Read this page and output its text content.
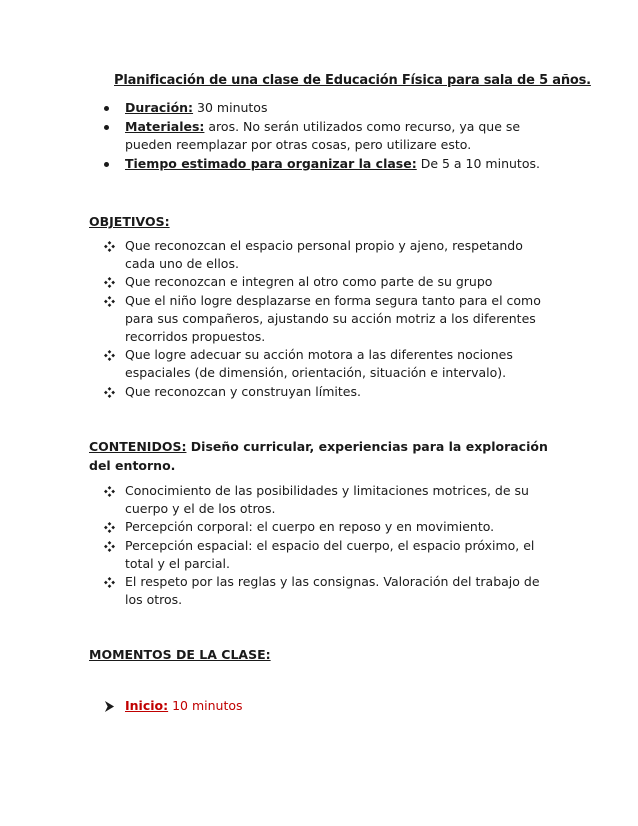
Planificación de una clase de Educación Física para sala de 5 años.
Duración: 30 minutos
Materiales: aros. No serán utilizados como recurso, ya que se pueden reemplazar por otras cosas, pero utilizare esto.
Tiempo estimado para organizar la clase: De 5 a 10 minutos.
OBJETIVOS:
Que reconozcan el espacio personal propio y ajeno, respetando cada uno de ellos.
Que reconozcan e integren al otro como parte de su grupo
Que el niño logre desplazarse en forma segura tanto para el como para sus compañeros, ajustando su acción motriz a los diferentes recorridos propuestos.
Que logre adecuar su acción motora a las diferentes nociones espaciales (de dimensión, orientación, situación e intervalo).
Que reconozcan y construyan límites.
CONTENIDOS: Diseño curricular, experiencias para la exploración del entorno.
Conocimiento de las posibilidades y limitaciones motrices, de su cuerpo y el de los otros.
Percepción corporal: el cuerpo en reposo y en movimiento.
Percepción espacial: el espacio del cuerpo, el espacio próximo, el total y el parcial.
El respeto por las reglas y las consignas. Valoración del trabajo de los otros.
MOMENTOS DE LA CLASE:
Inicio: 10 minutos
